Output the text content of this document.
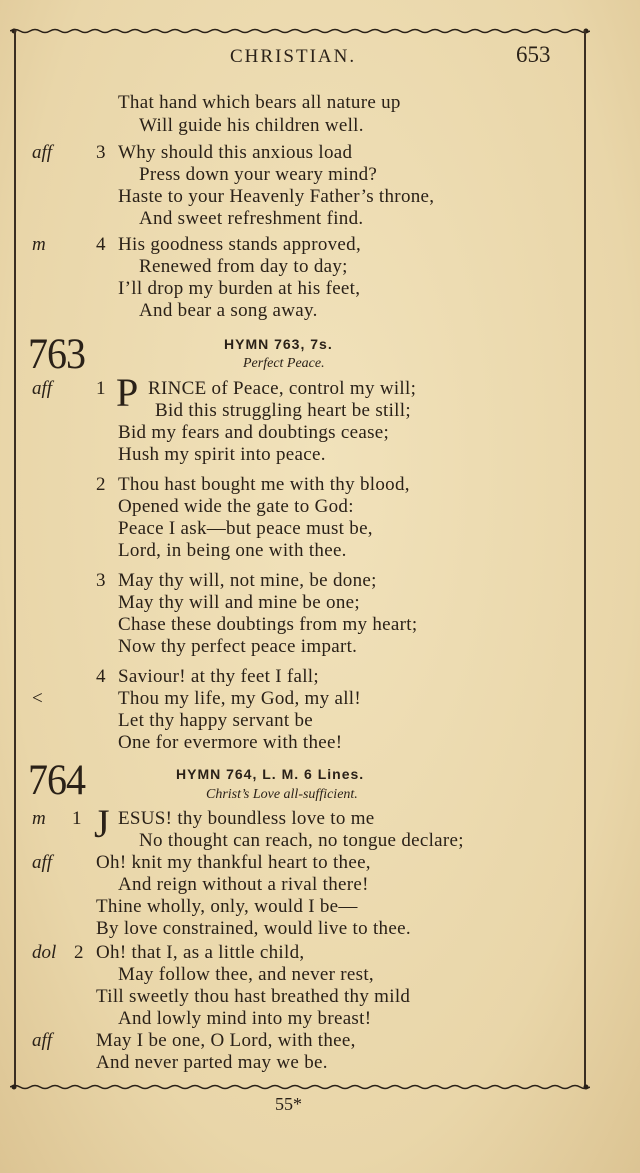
CHRISTIAN.	653
That hand which bears all nature up
Will guide his children well.
aff 3 Why should this anxious load
Press down your weary mind?
Haste to your Heavenly Father’s throne,
And sweet refreshment find.
m	4 His goodness stands approved,
Renewed from day to day;
I’ll drop my burden at his feet,
And bear a song away.
763	HYMN 763, 7s.
Perfect Peace.
aff 1 P RINCE of Peace, control my will;
Bid this struggling heart be still;
Bid my fears and doubtings cease;
Hush my spirit into peace.
2 Thou hast bought me with thy blood,
Opened wide the gate to God:
Peace I ask—but peace must be,
Lord, in being one with thee.
3 May thy will, not mine, be done;
May thy will and mine be one;
Chase these doubtings from my heart;
Now thy perfect peace impart.
4 Saviour! at thy feet I fall;
<	Thou my life, my God, my all!
Let thy happy servant be
One for evermore with thee!
764	HYMN 764, L. M. 6 Lines.
Christ’s Love all-sufficient.
m 1 J ESUS! thy boundless love to me
No thought can reach, no tongue declare;
aff Oh! knit my thankful heart to thee,
And reign without a rival there!
Thine wholly, only, would I be—
By love constrained, would live to thee.
dol 2 Oh! that I, as a little child,
May follow thee, and never rest,
Till sweetly thou hast breathed thy mild
And lowly mind into my breast!
aff May I be one, O Lord, with thee,
And never parted may we be.
55*
